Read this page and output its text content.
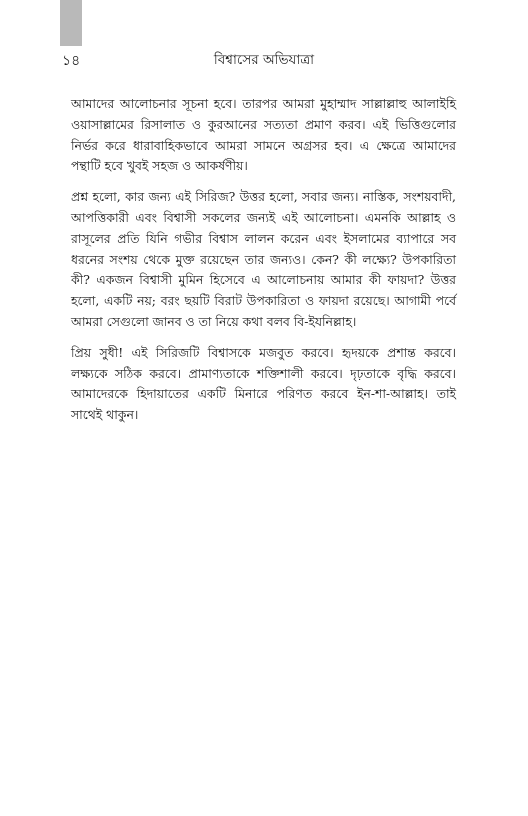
১৪	বিশ্বাসের অভিযাত্রা

আমাদের আলোচনার সূচনা হবে। তারপর আমরা মুহাম্মাদ সাল্লাল্লাহু আলাইহি ওয়াসাল্লামের রিসালাত ও কুরআনের সত্যতা প্রমাণ করব। এই ভিত্তিগুলোর নির্ভর করে ধারাবাহিকভাবে আমরা সামনে অগ্রসর হব। এ ক্ষেত্রে আমাদের পন্থাটি হবে খুবই সহজ ও আকর্ষণীয়।

প্রশ্ন হলো, কার জন্য এই সিরিজ? উত্তর হলো, সবার জন্য। নাস্তিক, সংশয়বাদী, আপত্তিকারী এবং বিশ্বাসী সকলের জন্যই এই আলোচনা। এমনকি আল্লাহ ও রাসূলের প্রতি যিনি গভীর বিশ্বাস লালন করেন এবং ইসলামের ব্যাপারে সব ধরনের সংশয় থেকে মুক্ত রয়েছেন তার জন্যও। কেন? কী লক্ষ্যে? উপকারিতা কী? একজন বিশ্বাসী মুমিন হিসেবে এ আলোচনায় আমার কী ফায়দা? উত্তর হলো, একটি নয়; বরং ছয়টি বিরাট উপকারিতা ও ফায়দা রয়েছে। আগামী পর্বে আমরা সেগুলো জানব ও তা নিয়ে কথা বলব বি-ইযনিল্লাহ।

প্রিয় সুধী! এই সিরিজটি বিশ্বাসকে মজবুত করবে। হৃদয়কে প্রশান্ত করবে। লক্ষ্যকে সঠিক করবে। প্রামাণ্যতাকে শক্তিশালী করবে। দৃঢ়তাকে বৃদ্ধি করবে। আমাদেরকে হিদায়াতের একটি মিনারে পরিণত করবে ইন-শা-আল্লাহ। তাই সাথেই থাকুন।
